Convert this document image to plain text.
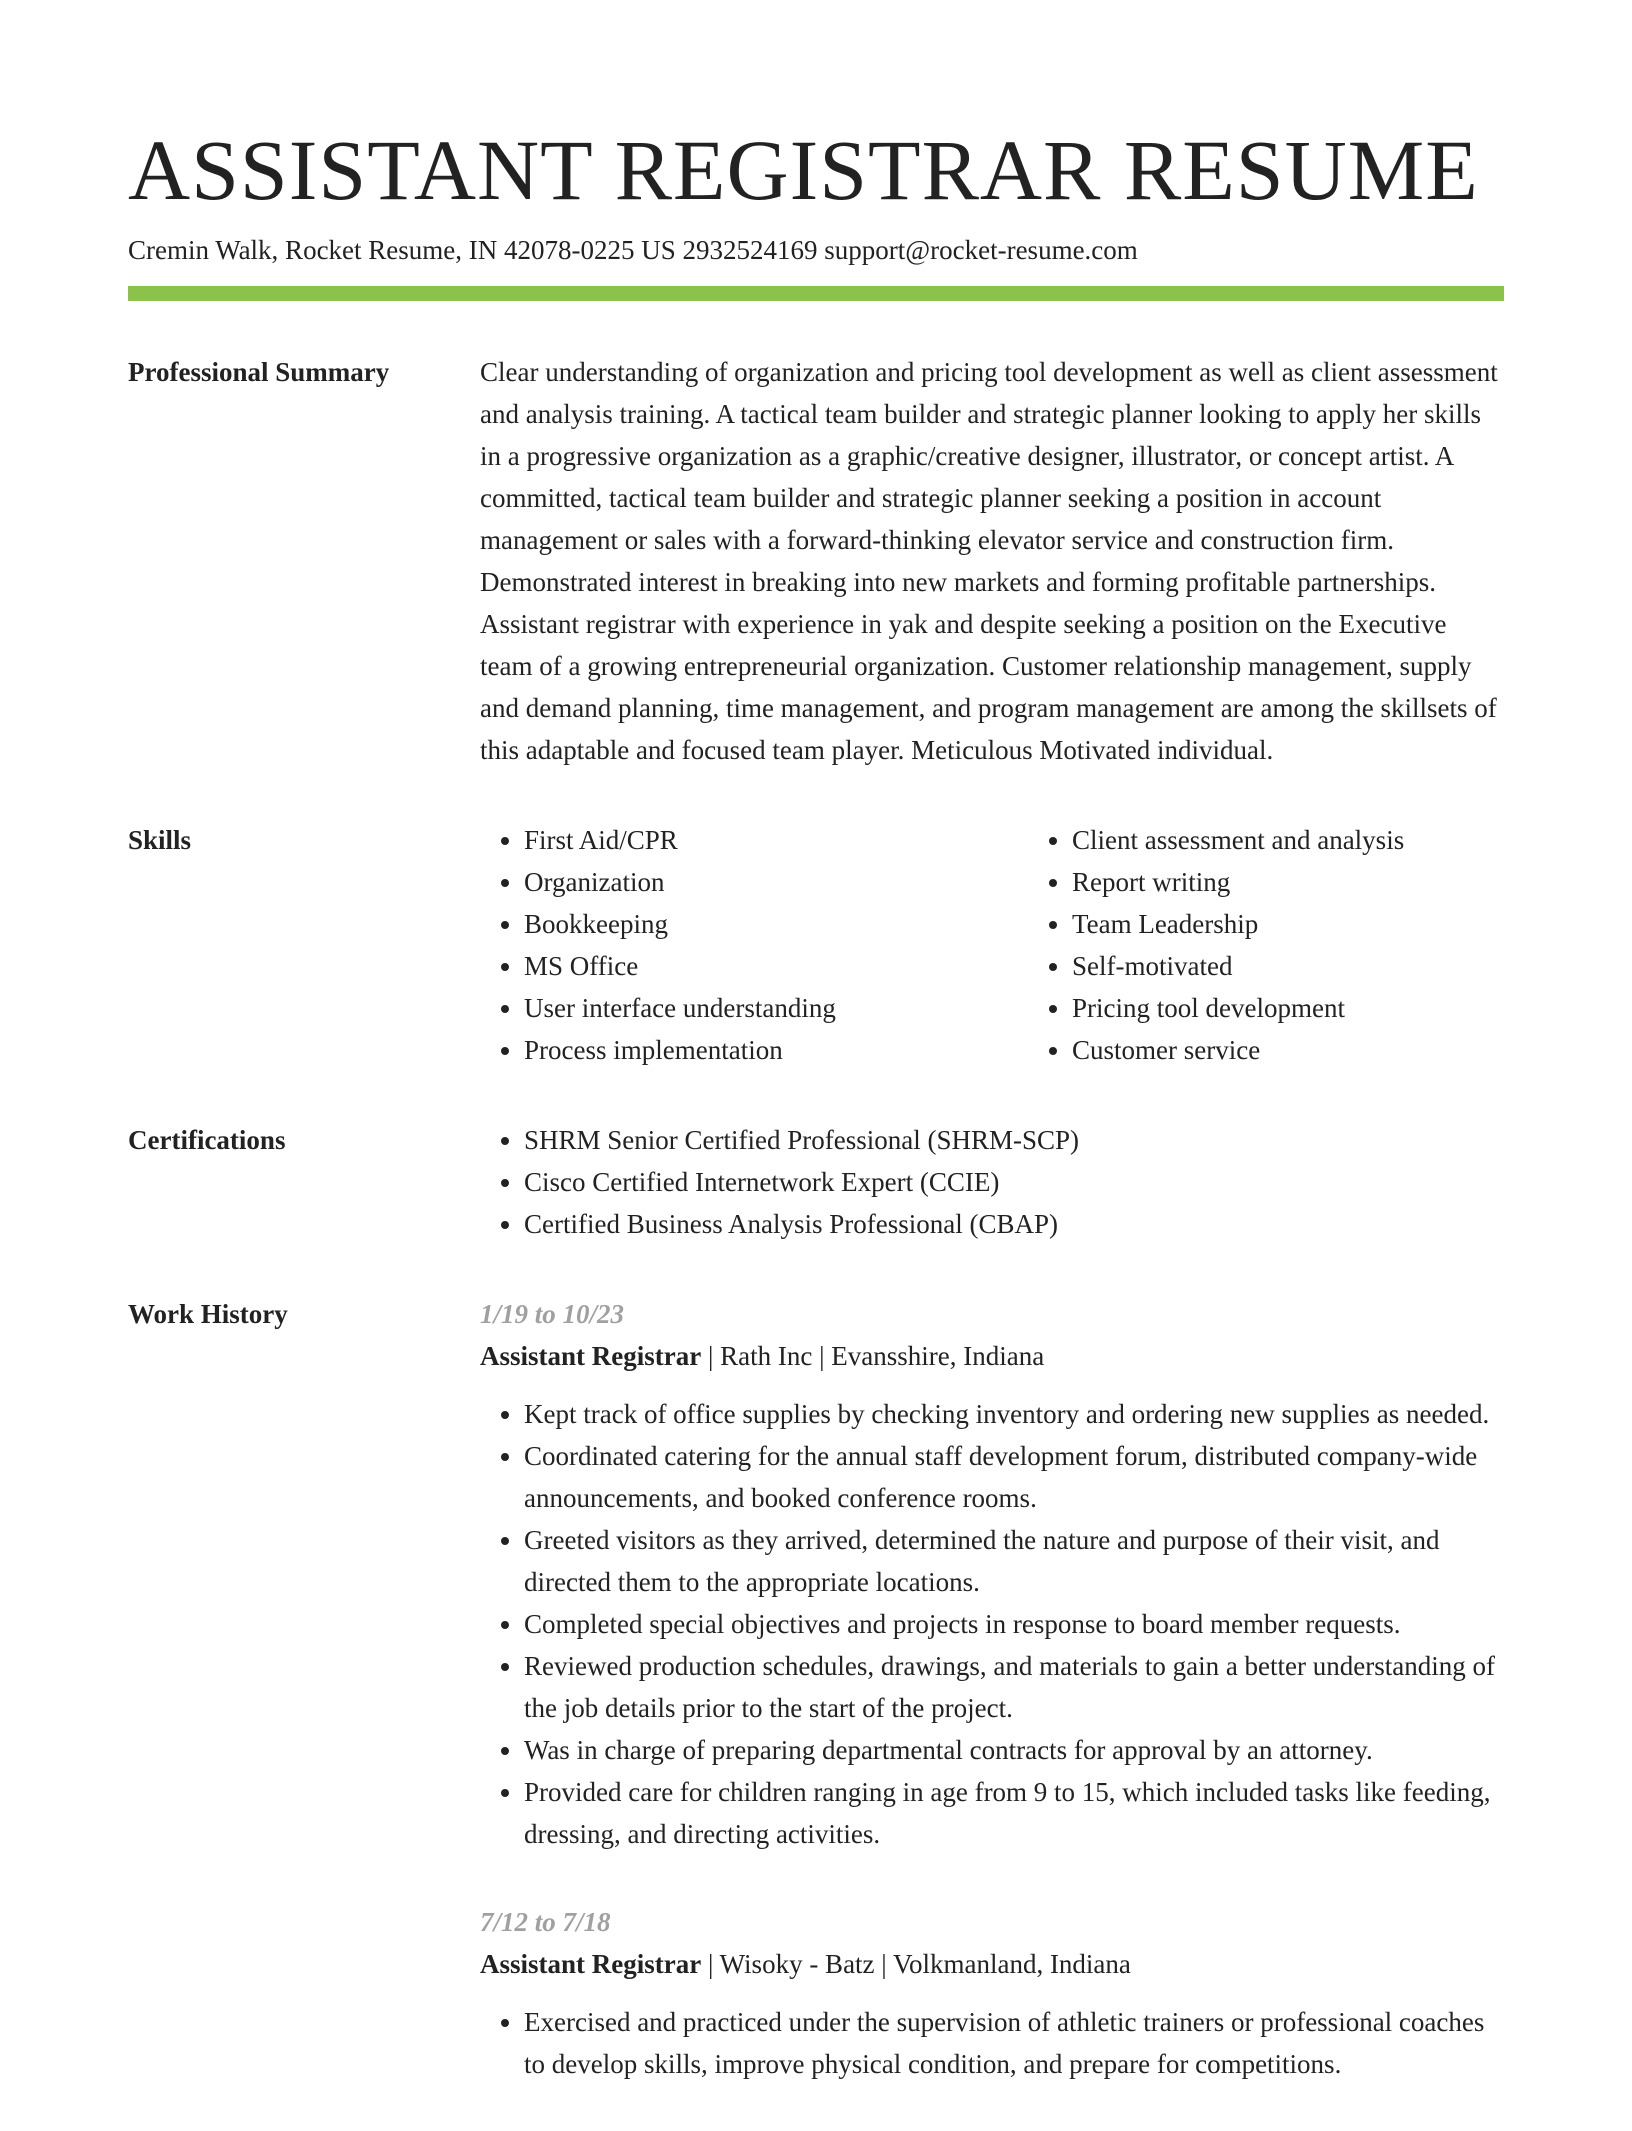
ASSISTANT REGISTRAR RESUME
Cremin Walk, Rocket Resume, IN 42078-0225 US 2932524169 support@rocket-resume.com
Professional Summary	Clear understanding of organization and pricing tool development as well as client assessment and analysis training. A tactical team builder and strategic planner looking to apply her skills in a progressive organization as a graphic/creative designer, illustrator, or concept artist. A committed, tactical team builder and strategic planner seeking a position in account management or sales with a forward-thinking elevator service and construction firm. Demonstrated interest in breaking into new markets and forming profitable partnerships. Assistant registrar with experience in yak and despite seeking a position on the Executive team of a growing entrepreneurial organization. Customer relationship management, supply and demand planning, time management, and program management are among the skillsets of this adaptable and focused team player. Meticulous Motivated individual.

Skills	• First Aid/CPR
• Organization
• Bookkeeping
• MS Office
• User interface understanding
• Process implementation
• Client assessment and analysis
• Report writing
• Team Leadership
• Self-motivated
• Pricing tool development
• Customer service
Certifications	• SHRM Senior Certified Professional (SHRM-SCP)
• Cisco Certified Internetwork Expert (CCIE)
• Certified Business Analysis Professional (CBAP)
Work History	1/19 to 10/23
Assistant Registrar | Rath Inc | Evansshire, Indiana
• Kept track of office supplies by checking inventory and ordering new supplies as needed.
• Coordinated catering for the annual staff development forum, distributed company-wide announcements, and booked conference rooms.
• Greeted visitors as they arrived, determined the nature and purpose of their visit, and directed them to the appropriate locations.
• Completed special objectives and projects in response to board member requests.
• Reviewed production schedules, drawings, and materials to gain a better understanding of the job details prior to the start of the project.
• Was in charge of preparing departmental contracts for approval by an attorney.
• Provided care for children ranging in age from 9 to 15, which included tasks like feeding, dressing, and directing activities.
7/12 to 7/18
Assistant Registrar | Wisoky - Batz | Volkmanland, Indiana
• Exercised and practiced under the supervision of athletic trainers or professional coaches to develop skills, improve physical condition, and prepare for competitions.
